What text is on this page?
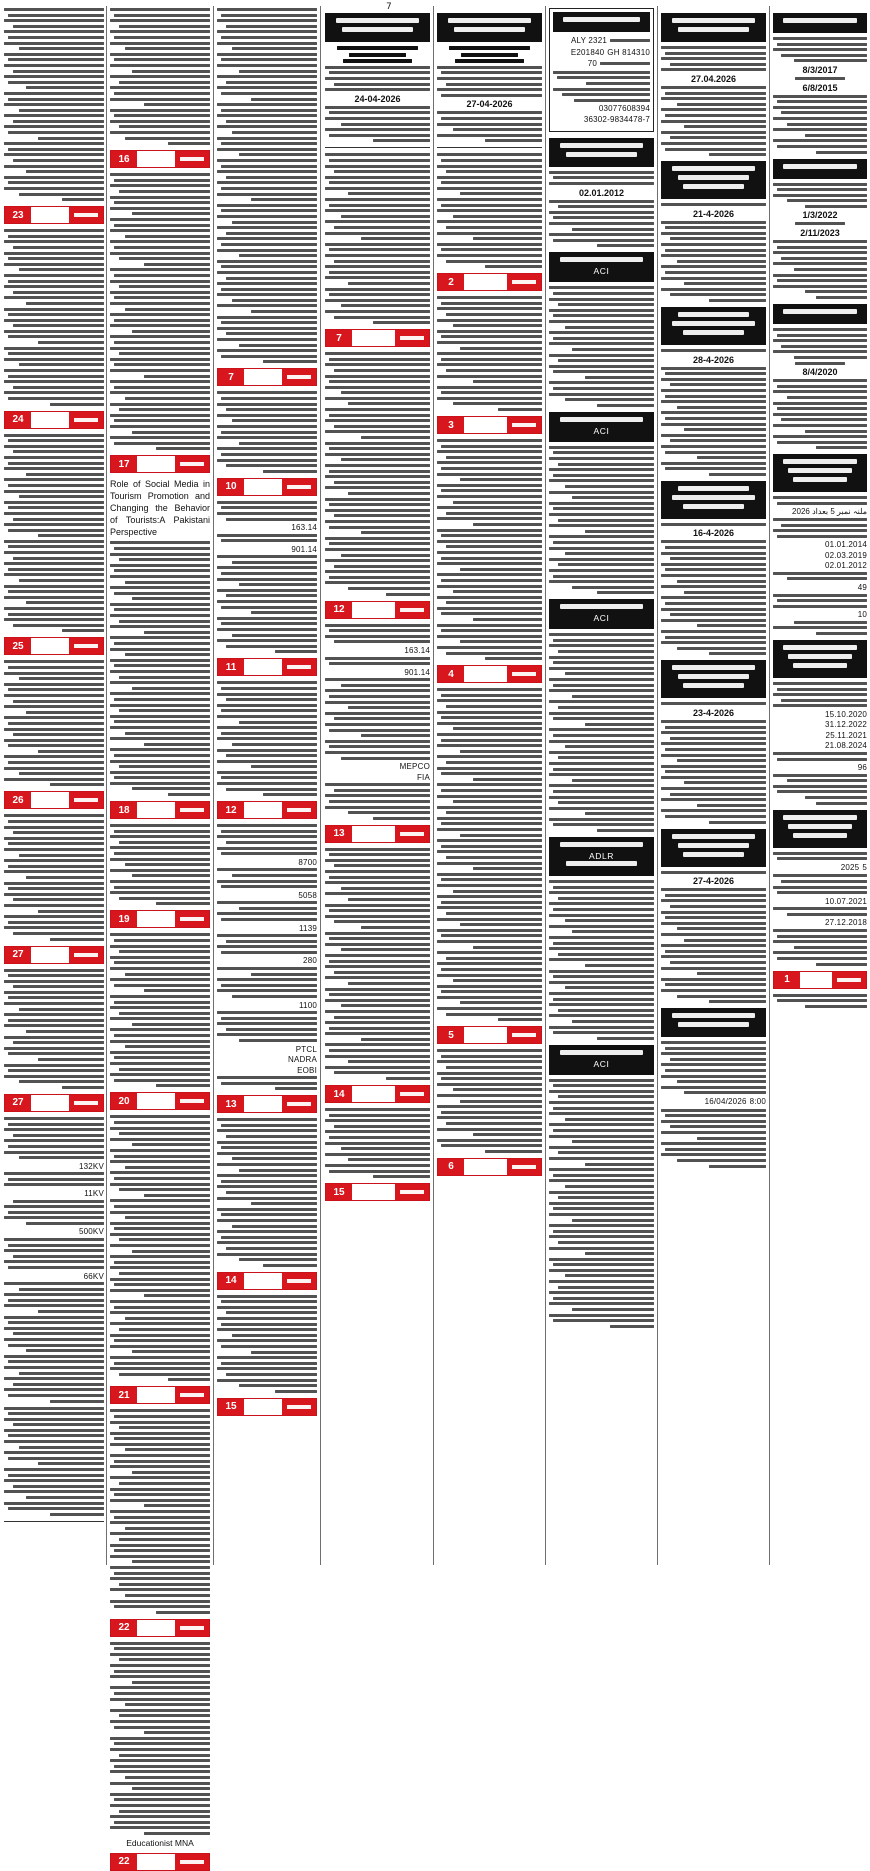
7
23
24
25
26
27
27
132KV
11KV
500KV
66KV
16
17
Role of Social Media in Tourism Promotion and Changing the Behavior of Tourists:A Pakistani Perspective
18
19
20
21
22
Educationist MNA
22
7
10
163.14
901.14
11
12
8700
5058
1139
280
1100
PTCL
NADRA
EOBI
13
14
15
24-04-2026
7
12
163.14
901.14
MEPCO
FIA
13
14
15
27-04-2026
2
3
4
5
6
ALY 2321
E201840 GH 814310
70
03077608394
36302-9834478-7
02.01.2012
ACI
ACI
ACI
ADLR
ACI
27.04.2026
21-4-2026
28-4-2026
16-4-2026
23-4-2026
27-4-2026
16/04/2026 8:00
8/3/2017
6/8/2015
1/3/2022
2/11/2023
8/4/2020
2026 ملنہ نمبر 5 بعداد
01.01.2014
02.03.2019
02.01.2012
49
10
15.10.2020
31.12.2022
25.11.2021
21.08.2024
96
2025 5
10.07.2021
27.12.2018
1
